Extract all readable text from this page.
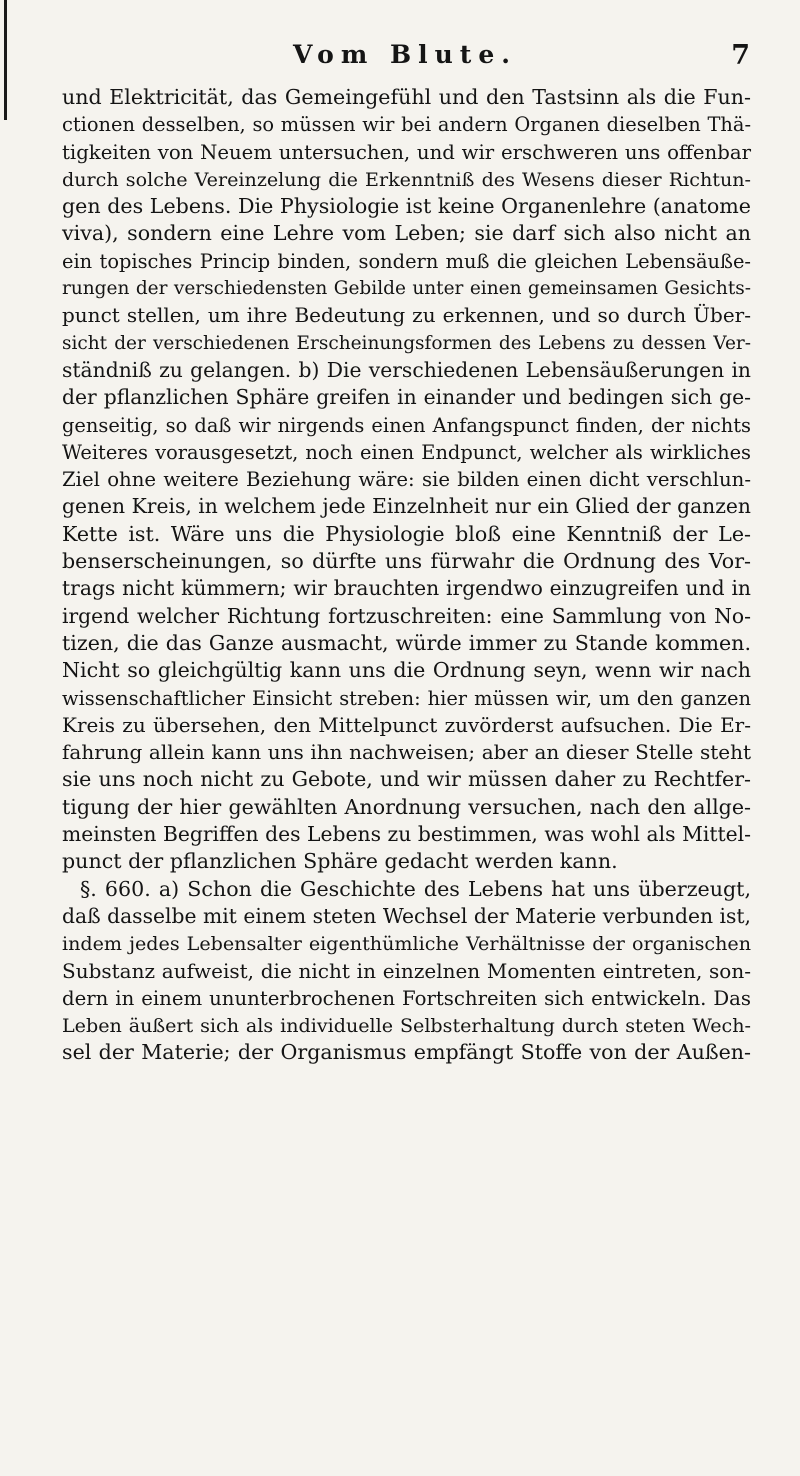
Vom Blute.	7
und Elektricität, das Gemeingefühl und den Tastsinn als die Fun-
ctionen desselben, so müssen wir bei andern Organen dieselben Thä-
tigkeiten von Neuem untersuchen, und wir erschweren uns offenbar
durch solche Vereinzelung die Erkenntniß des Wesens dieser Richtun-
gen des Lebens. Die Physiologie ist keine Organenlehre (anatome
viva), sondern eine Lehre vom Leben; sie darf sich also nicht an
ein topisches Princip binden, sondern muß die gleichen Lebensäuße-
rungen der verschiedensten Gebilde unter einen gemeinsamen Gesichts-
punct stellen, um ihre Bedeutung zu erkennen, und so durch Über-
sicht der verschiedenen Erscheinungsformen des Lebens zu dessen Ver-
ständniß zu gelangen. b) Die verschiedenen Lebensäußerungen in
der pflanzlichen Sphäre greifen in einander und bedingen sich ge-
genseitig, so daß wir nirgends einen Anfangspunct finden, der nichts
Weiteres vorausgesetzt, noch einen Endpunct, welcher als wirkliches
Ziel ohne weitere Beziehung wäre: sie bilden einen dicht verschlun-
genen Kreis, in welchem jede Einzelnheit nur ein Glied der ganzen
Kette ist. Wäre uns die Physiologie bloß eine Kenntniß der Le-
benserscheinungen, so dürfte uns fürwahr die Ordnung des Vor-
trags nicht kümmern; wir brauchten irgendwo einzugreifen und in
irgend welcher Richtung fortzuschreiten: eine Sammlung von No-
tizen, die das Ganze ausmacht, würde immer zu Stande kommen.
Nicht so gleichgültig kann uns die Ordnung seyn, wenn wir nach
wissenschaftlicher Einsicht streben: hier müssen wir, um den ganzen
Kreis zu übersehen, den Mittelpunct zuvörderst aufsuchen. Die Er-
fahrung allein kann uns ihn nachweisen; aber an dieser Stelle steht
sie uns noch nicht zu Gebote, und wir müssen daher zu Rechtfer-
tigung der hier gewählten Anordnung versuchen, nach den allge-
meinsten Begriffen des Lebens zu bestimmen, was wohl als Mittel-
punct der pflanzlichen Sphäre gedacht werden kann.
§. 660. a) Schon die Geschichte des Lebens hat uns überzeugt,
daß dasselbe mit einem steten Wechsel der Materie verbunden ist,
indem jedes Lebensalter eigenthümliche Verhältnisse der organischen
Substanz aufweist, die nicht in einzelnen Momenten eintreten, son-
dern in einem ununterbrochenen Fortschreiten sich entwickeln. Das
Leben äußert sich als individuelle Selbsterhaltung durch steten Wech-
sel der Materie; der Organismus empfängt Stoffe von der Außen-
